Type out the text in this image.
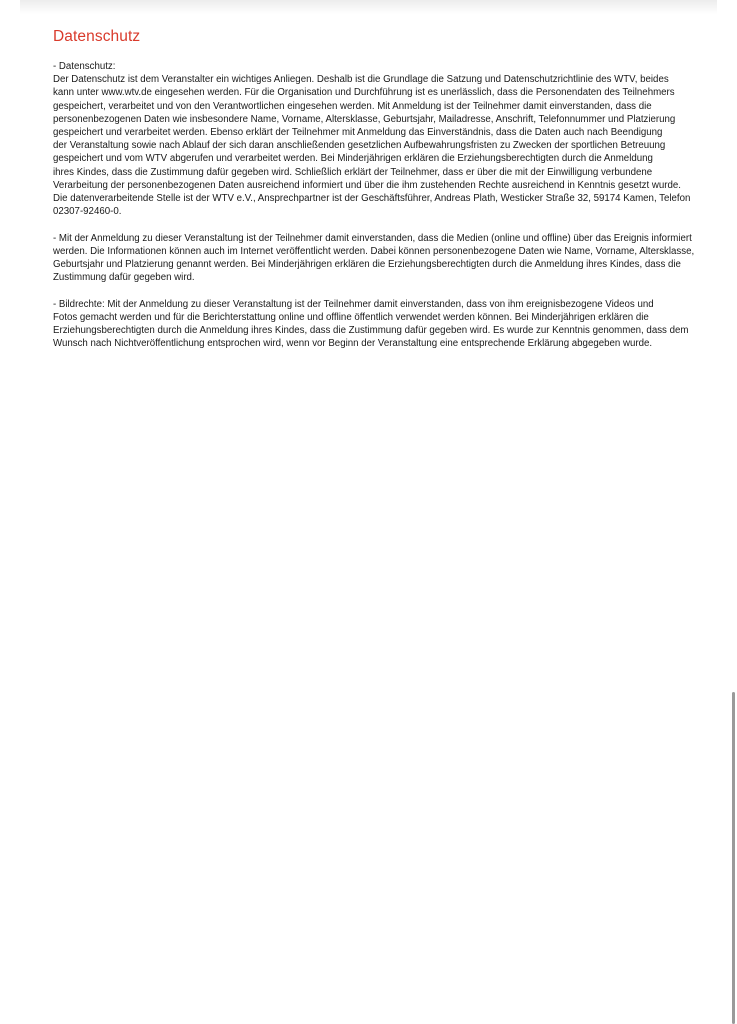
Datenschutz

- Datenschutz:
Der Datenschutz ist dem Veranstalter ein wichtiges Anliegen. Deshalb ist die Grundlage die Satzung und Datenschutzrichtlinie des WTV, beides
kann unter www.wtv.de eingesehen werden. Für die Organisation und Durchführung ist es unerlässlich, dass die Personendaten des Teilnehmers
gespeichert, verarbeitet und von den Verantwortlichen eingesehen werden. Mit Anmeldung ist der Teilnehmer damit einverstanden, dass die
personenbezogenen Daten wie insbesondere Name, Vorname, Altersklasse, Geburtsjahr, Mailadresse, Anschrift, Telefonnummer und Platzierung
gespeichert und verarbeitet werden. Ebenso erklärt der Teilnehmer mit Anmeldung das Einverständnis, dass die Daten auch nach Beendigung
der Veranstaltung sowie nach Ablauf der sich daran anschließenden gesetzlichen Aufbewahrungsfristen zu Zwecken der sportlichen Betreuung
gespeichert und vom WTV abgerufen und verarbeitet werden. Bei Minderjährigen erklären die Erziehungsberechtigten durch die Anmeldung
ihres Kindes, dass die Zustimmung dafür gegeben wird. Schließlich erklärt der Teilnehmer, dass er über die mit der Einwilligung verbundene
Verarbeitung der personenbezogenen Daten ausreichend informiert und über die ihm zustehenden Rechte ausreichend in Kenntnis gesetzt wurde.
Die datenverarbeitende Stelle ist der WTV e.V., Ansprechpartner ist der Geschäftsführer, Andreas Plath, Westicker Straße 32, 59174 Kamen, Telefon
02307-92460-0.

- Mit der Anmeldung zu dieser Veranstaltung ist der Teilnehmer damit einverstanden, dass die Medien (online und offline) über das Ereignis informiert
werden. Die Informationen können auch im Internet veröffentlicht werden. Dabei können personenbezogene Daten wie Name, Vorname, Altersklasse,
Geburtsjahr und Platzierung genannt werden. Bei Minderjährigen erklären die Erziehungsberechtigten durch die Anmeldung ihres Kindes, dass die
Zustimmung dafür gegeben wird.

- Bildrechte: Mit der Anmeldung zu dieser Veranstaltung ist der Teilnehmer damit einverstanden, dass von ihm ereignisbezogene Videos und
Fotos gemacht werden und für die Berichterstattung online und offline öffentlich verwendet werden können. Bei Minderjährigen erklären die
Erziehungsberechtigten durch die Anmeldung ihres Kindes, dass die Zustimmung dafür gegeben wird. Es wurde zur Kenntnis genommen, dass dem
Wunsch nach Nichtveröffentlichung entsprochen wird, wenn vor Beginn der Veranstaltung eine entsprechende Erklärung abgegeben wurde.
